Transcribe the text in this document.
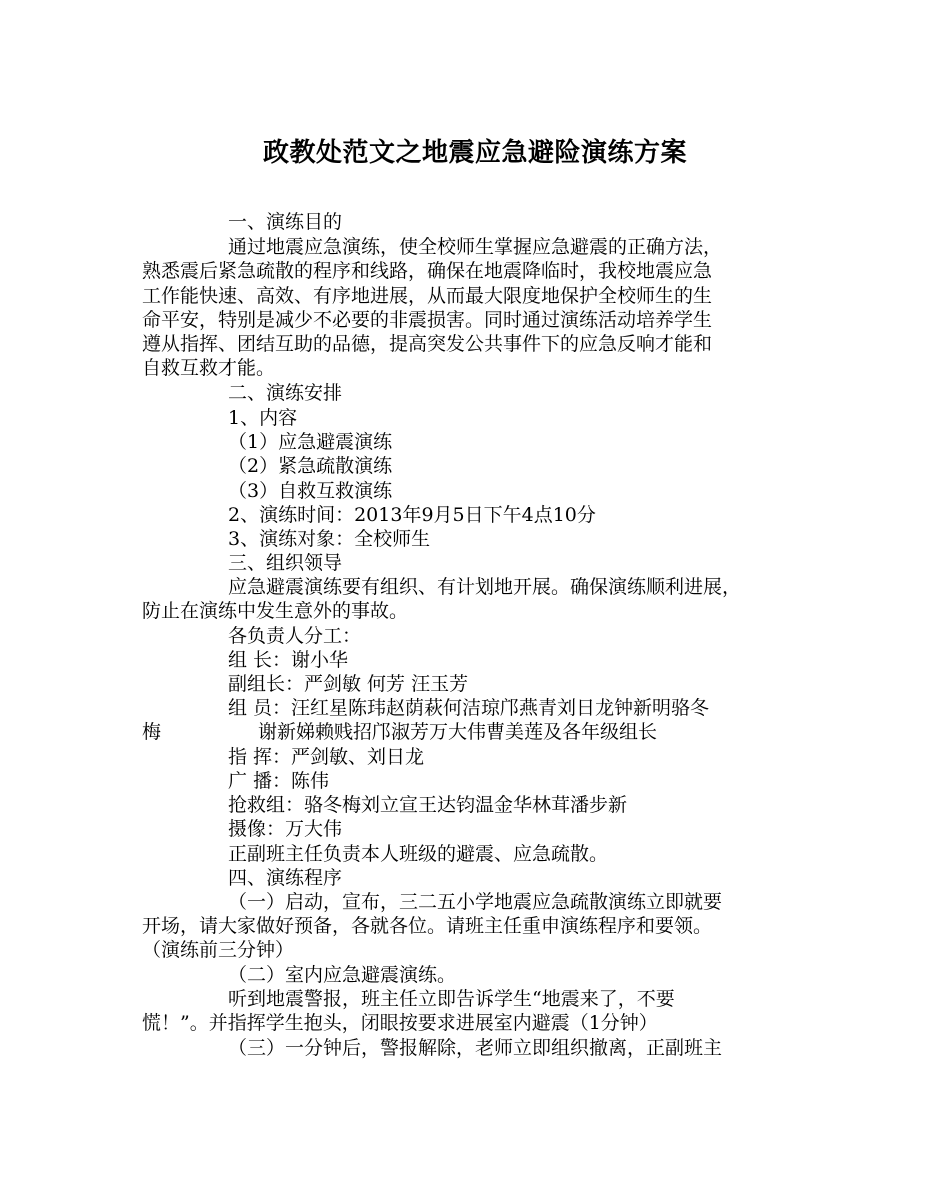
政教处范文之地震应急避险演练方案
一、演练目的
通过地震应急演练，使全校师生掌握应急避震的正确方法，
熟悉震后紧急疏散的程序和线路，确保在地震降临时，我校地震应急
工作能快速、高效、有序地进展，从而最大限度地保护全校师生的生
命平安，特别是减少不必要的非震损害。同时通过演练活动培养学生
遵从指挥、团结互助的品德，提高突发公共事件下的应急反响才能和
自救互救才能。
二、演练安排
1、内容
（1）应急避震演练
（2）紧急疏散演练
（3）自救互救演练
2、演练时间：2013年9月5日下午4点10分
3、演练对象：全校师生
三、组织领导
应急避震演练要有组织、有计划地开展。确保演练顺利进展，
防止在演练中发生意外的事故。
各负责人分工：
组 长：谢小华
副组长：严剑敏 何芳 汪玉芳
组 员：汪红星陈玮赵荫萩何洁琼邝燕青刘日龙钟新明骆冬
梅	谢新娣赖贱招邝淑芳万大伟曹美莲及各年级组长
指 挥：严剑敏、刘日龙
广 播：陈伟
抢救组：骆冬梅刘立宣王达钧温金华林茸潘步新
摄像：万大伟
正副班主任负责本人班级的避震、应急疏散。
四、演练程序
（一）启动，宣布，三二五小学地震应急疏散演练立即就要
开场，请大家做好预备，各就各位。请班主任重申演练程序和要领。
（演练前三分钟）
（二）室内应急避震演练。
听到地震警报，班主任立即告诉学生“地震来了，不要
慌！”。并指挥学生抱头，闭眼按要求进展室内避震（1分钟）
（三）一分钟后，警报解除，老师立即组织撤离，正副班主
